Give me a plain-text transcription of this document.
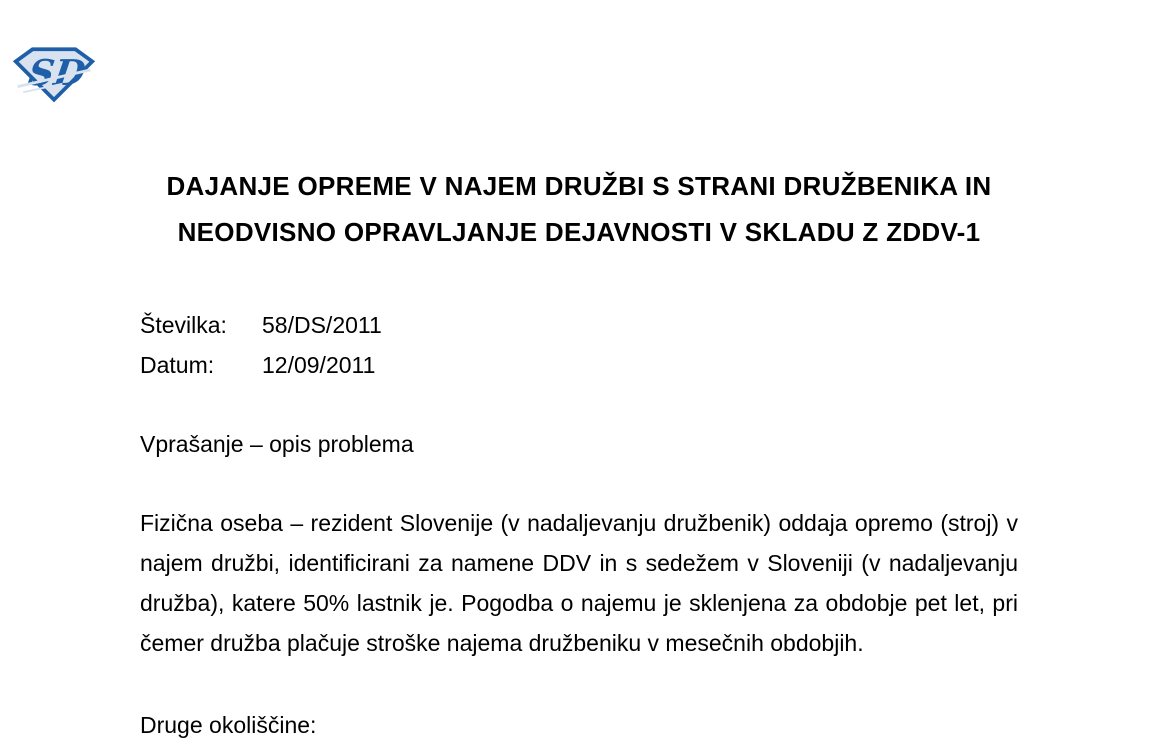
SD
DAJANJE OPREME V NAJEM DRUŽBI S STRANI DRUŽBENIKA IN
NEODVISNO OPRAVLJANJE DEJAVNOSTI V SKLADU Z ZDDV-1
Številka:	58/DS/2011
Datum:	12/09/2011
Vprašanje – opis problema
Fizična oseba – rezident Slovenije (v nadaljevanju družbenik) oddaja opremo (stroj) v najem družbi, identificirani za namene DDV in s sedežem v Sloveniji (v nadaljevanju družba), katere 50% lastnik je. Pogodba o najemu je sklenjena za obdobje pet let, pri čemer družba plačuje stroške najema družbeniku v mesečnih obdobjih.
Druge okoliščine:
